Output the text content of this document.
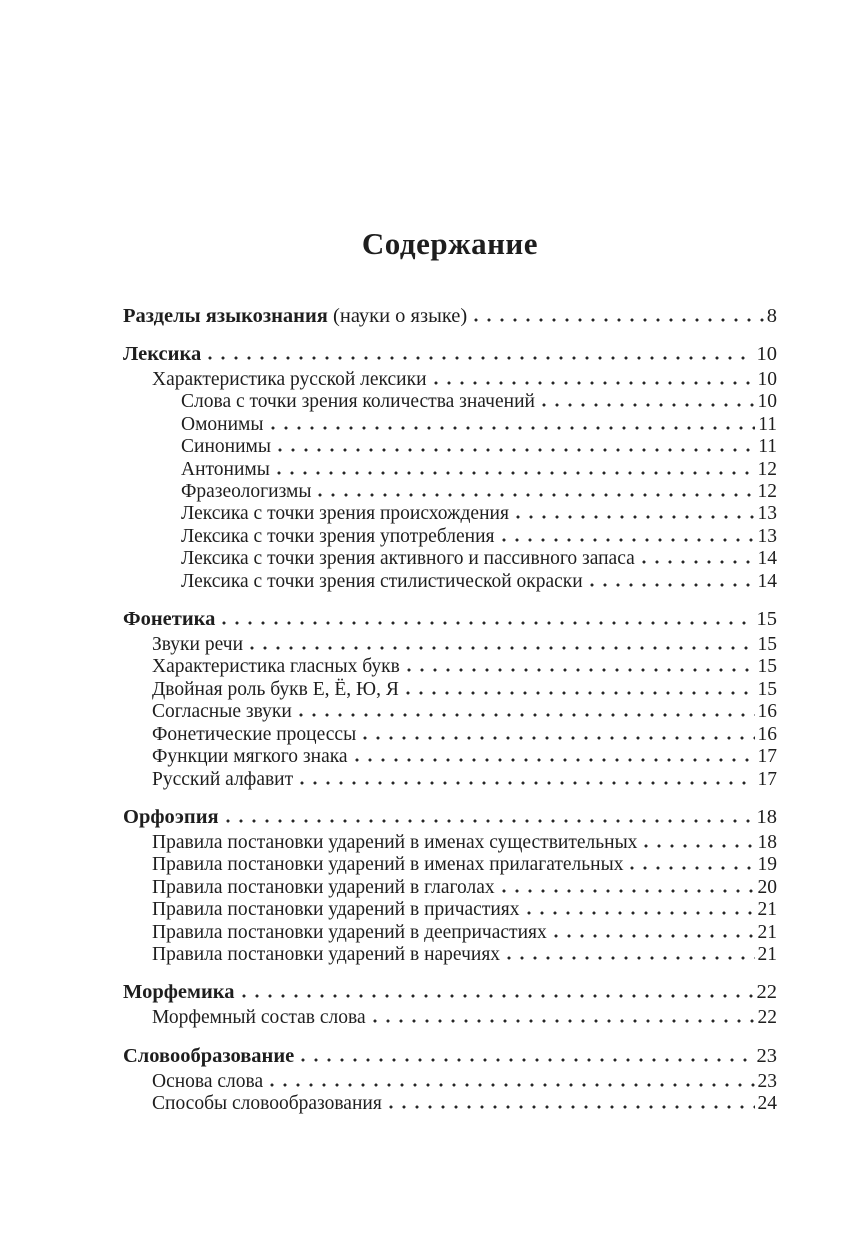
Содержание
Разделы языкознания (науки о языке)	8
Лексика	10
Характеристика русской лексики	10
Слова с точки зрения количества значений	10
Омонимы	11
Синонимы	11
Антонимы	12
Фразеологизмы	12
Лексика с точки зрения происхождения	13
Лексика с точки зрения употребления	13
Лексика с точки зрения активного и пассивного запаса	14
Лексика с точки зрения стилистической окраски	14
Фонетика	15
Звуки речи	15
Характеристика гласных букв	15
Двойная роль букв Е, Ё, Ю, Я	15
Согласные звуки	16
Фонетические процессы	16
Функции мягкого знака	17
Русский алфавит	17
Орфоэпия	18
Правила постановки ударений в именах существительных	18
Правила постановки ударений в именах прилагательных	19
Правила постановки ударений в глаголах	20
Правила постановки ударений в причастиях	21
Правила постановки ударений в деепричастиях	21
Правила постановки ударений в наречиях	21
Морфемика	22
Морфемный состав слова	22
Словообразование	23
Основа слова	23
Способы словообразования	24
